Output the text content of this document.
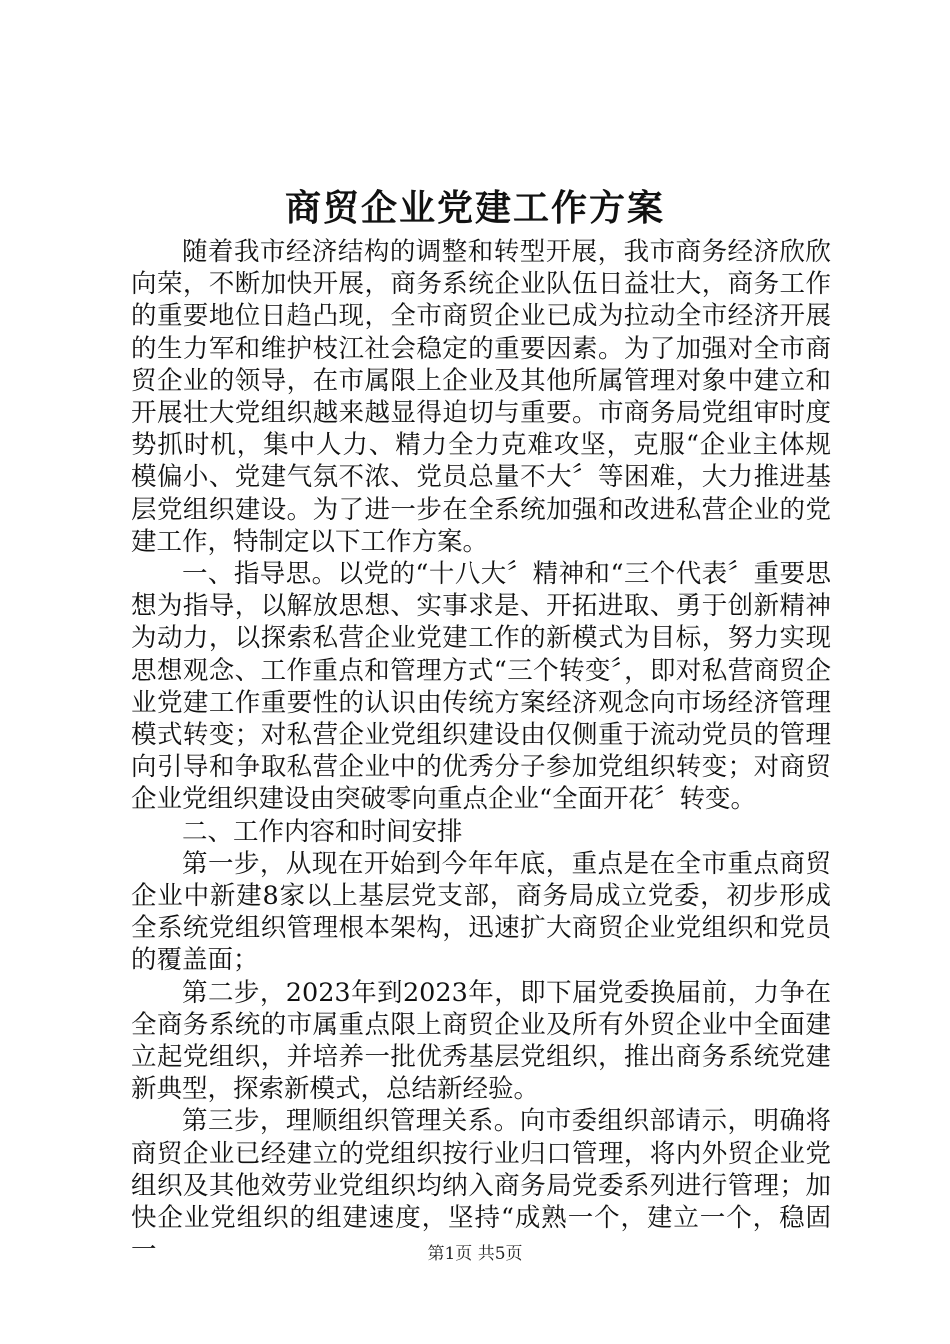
商贸企业党建工作方案

随着我市经济结构的调整和转型开展，我市商务经济欣欣向荣，不断加快开展，商务系统企业队伍日益壮大，商务工作的重要地位日趋凸现，全市商贸企业已成为拉动全市经济开展的生力军和维护枝江社会稳定的重要因素。为了加强对全市商贸企业的领导，在市属限上企业及其他所属管理对象中建立和开展壮大党组织越来越显得迫切与重要。市商务局党组审时度势抓时机，集中人力、精力全力克难攻坚，克服“企业主体规模偏小、党建气氛不浓、党员总量不大〞等困难，大力推进基层党组织建设。为了进一步在全系统加强和改进私营企业的党建工作，特制定以下工作方案。

一、指导思。以党的“十八大〞精神和“三个代表〞重要思想为指导，以解放思想、实事求是、开拓进取、勇于创新精神为动力，以探索私营企业党建工作的新模式为目标，努力实现思想观念、工作重点和管理方式“三个转变〞，即对私营商贸企业党建工作重要性的认识由传统方案经济观念向市场经济管理模式转变；对私营企业党组织建设由仅侧重于流动党员的管理向引导和争取私营企业中的优秀分子参加党组织转变；对商贸企业党组织建设由突破零向重点企业“全面开花〞转变。

二、工作内容和时间安排

第一步，从现在开始到今年年底，重点是在全市重点商贸企业中新建8家以上基层党支部，商务局成立党委，初步形成全系统党组织管理根本架构，迅速扩大商贸企业党组织和党员的覆盖面；

第二步，2023年到2023年，即下届党委换届前，力争在全商务系统的市属重点限上商贸企业及所有外贸企业中全面建立起党组织，并培养一批优秀基层党组织，推出商务系统党建新典型，探索新模式，总结新经验。

第三步，理顺组织管理关系。向市委组织部请示，明确将商贸企业已经建立的党组织按行业归口管理，将内外贸企业党组织及其他效劳业党组织均纳入商务局党委系列进行管理；加快企业党组织的组建速度，坚持“成熟一个，建立一个，稳固一	第1页 共5页
